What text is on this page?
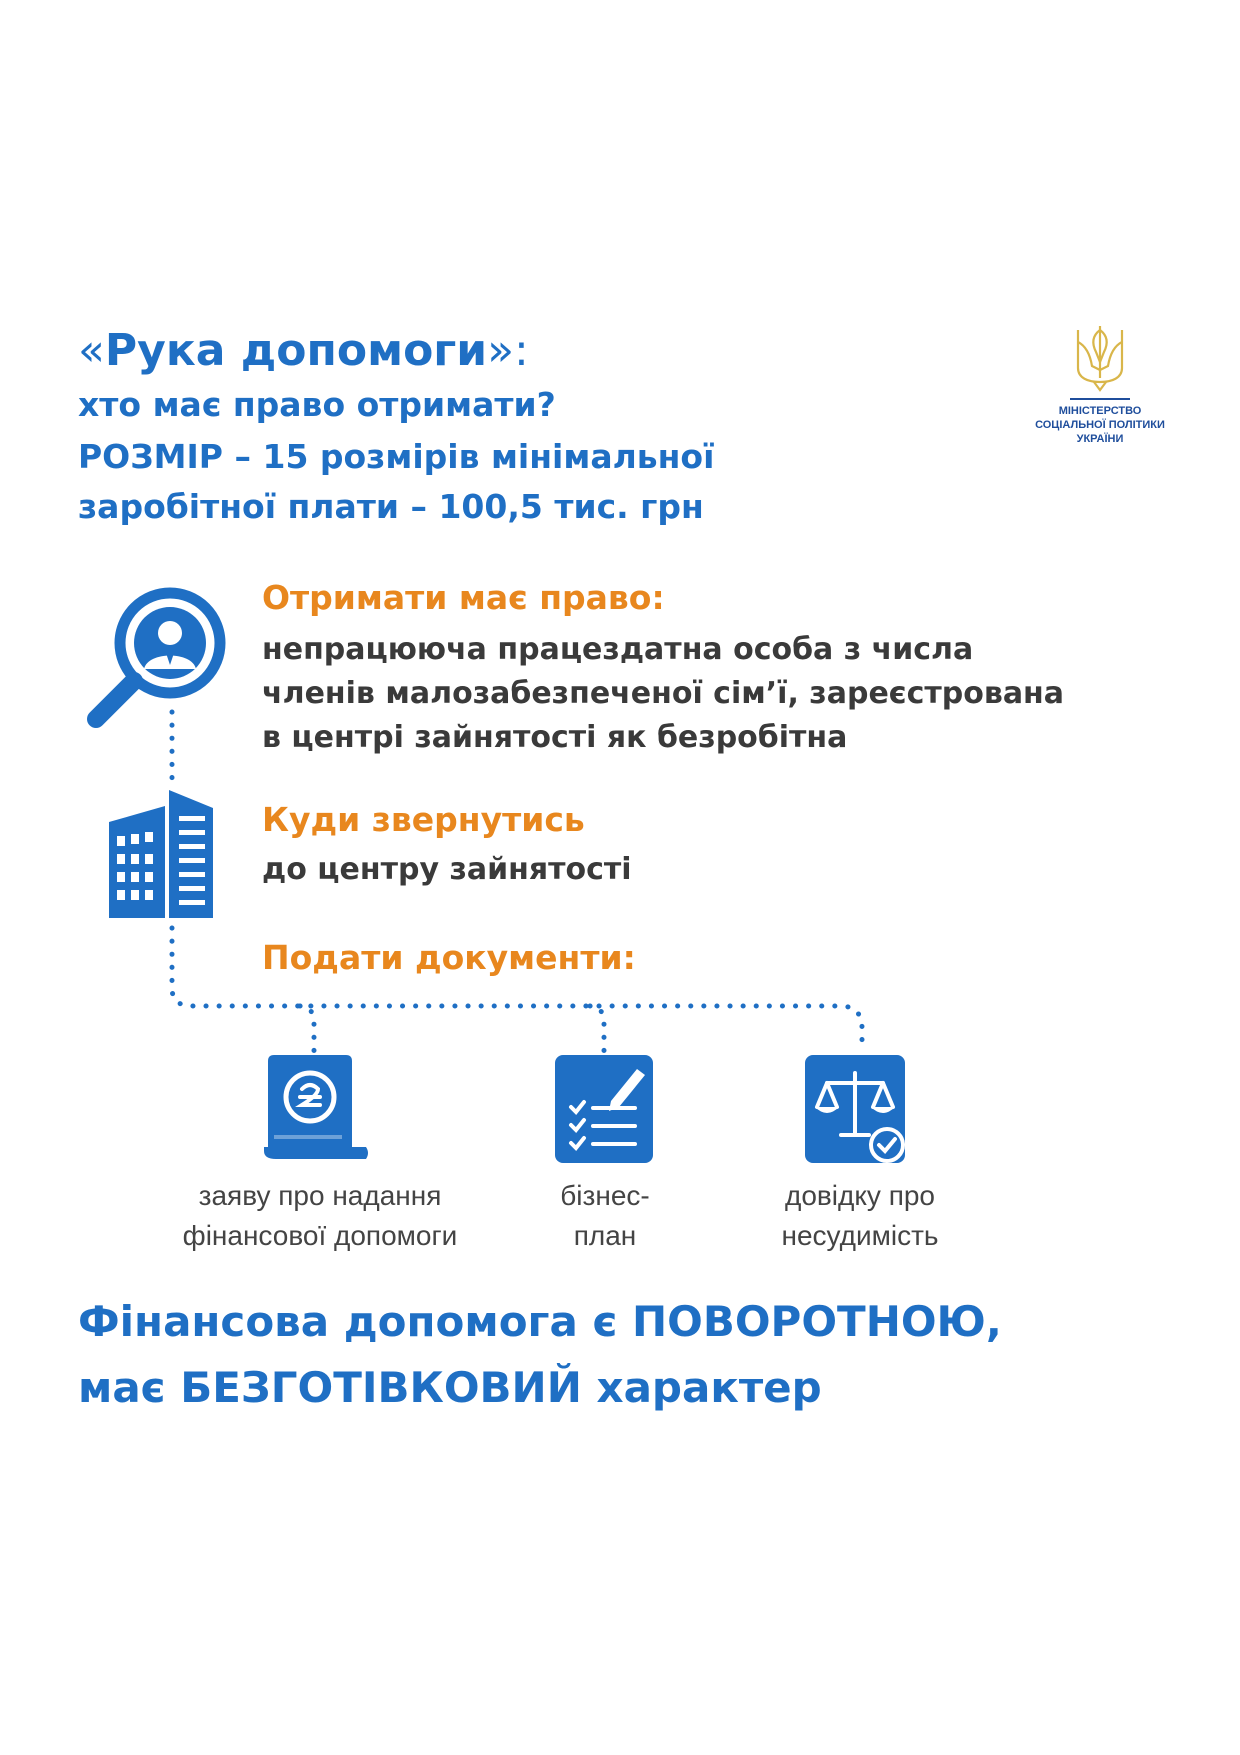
МІНІСТЕРСТВО
СОЦІАЛЬНОЇ ПОЛІТИКИ
УКРАЇНИ
«Рука допомоги»:
хто має право отримати?
РОЗМІР – 15 розмірів мінімальної
заробітної плати – 100,5 тис. грн
Отримати має право:
непрацююча працездатна особа з числа
членів малозабезпеченої сім’ї, зареєстрована
в центрі зайнятості як безробітна
Куди звернутись
до центру зайнятості
Подати документи:
заяву про надання
фінансової допомоги
бізнес-
план
довідку про
несудимість
Фінансова допомога є ПОВОРОТНОЮ,
має БЕЗГОТІВКОВИЙ характер
